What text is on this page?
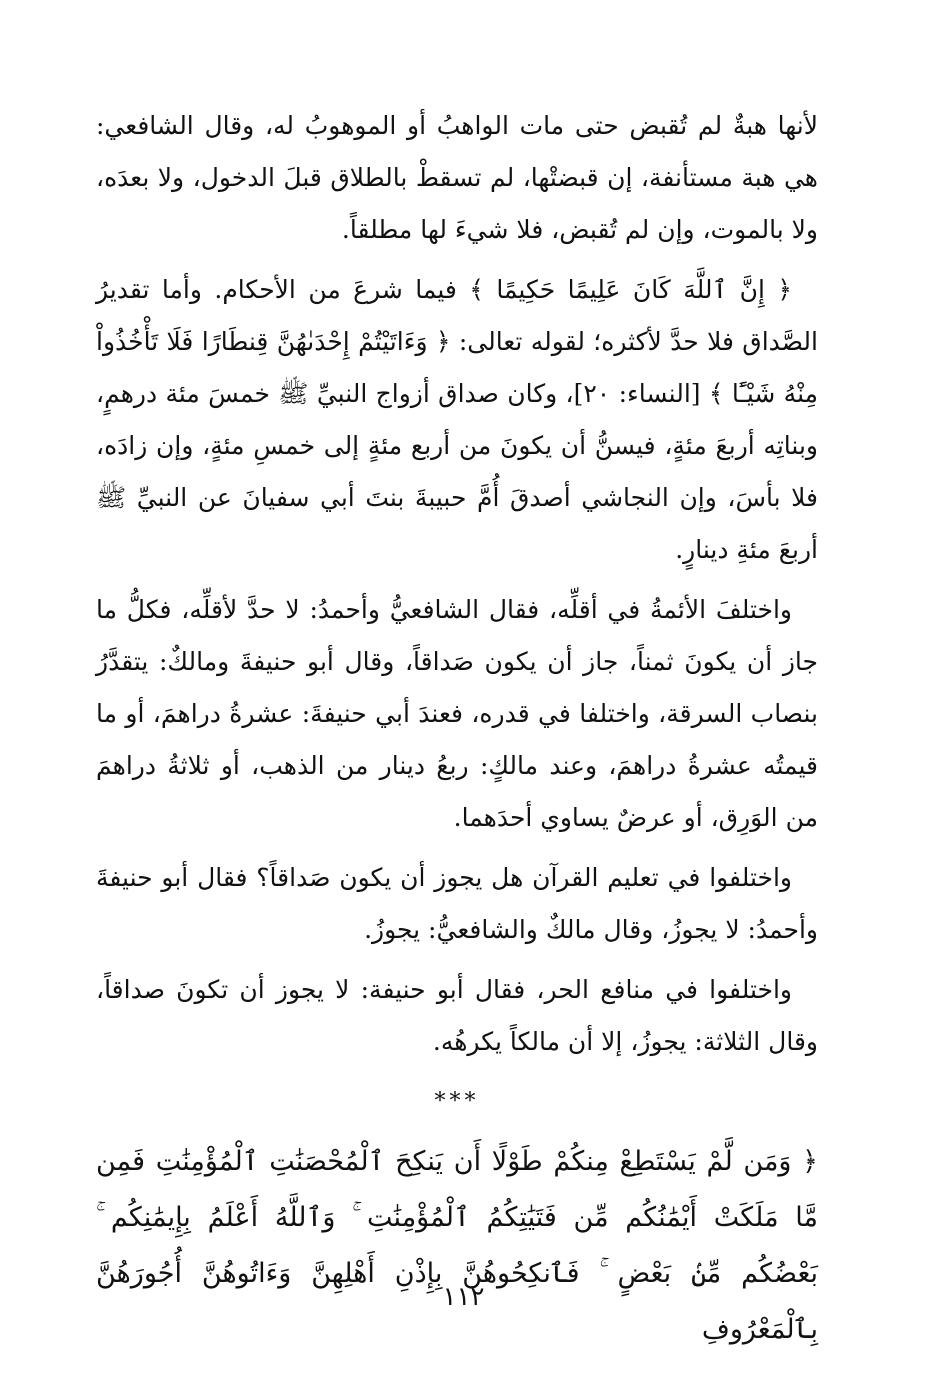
لأنها هبةٌ لم تُقبض حتى مات الواهبُ أو الموهوبُ له، وقال الشافعي: هي هبة مستأنفة، إن قبضتْها، لم تسقطْ بالطلاق قبلَ الدخول، ولا بعدَه، ولا بالموت، وإن لم تُقبض، فلا شيءَ لها مطلقاً.

﴿ إِنَّ ٱللَّهَ كَانَ عَلِيمًا حَكِيمًا ﴾ فيما شرعَ من الأحكام. وأما تقديرُ الصَّداق فلا حدَّ لأكثره؛ لقوله تعالى: ﴿ وَءَاتَيْتُمْ إِحْدَىٰهُنَّ قِنطَارًا فَلَا تَأْخُذُواْ مِنْهُ شَيْـًٔا ﴾ [النساء: ٢٠]، وكان صداق أزواج النبيِّ ﷺ خمسَ مئة درهمٍ، وبناتِه أربعَ مئةٍ، فيسنُّ أن يكونَ من أربع مئةٍ إلى خمسِ مئةٍ، وإن زادَه، فلا بأسَ، وإن النجاشي أصدقَ أُمَّ حبيبةَ بنتَ أبي سفيانَ عن النبيِّ ﷺ أربعَ مئةِ دينارٍ.

واختلفَ الأئمةُ في أقلِّه، فقال الشافعيُّ وأحمدُ: لا حدَّ لأقلِّه، فكلُّ ما جاز أن يكونَ ثمناً، جاز أن يكون صَداقاً، وقال أبو حنيفةَ ومالكٌ: يتقدَّرُ بنصاب السرقة، واختلفا في قدره، فعندَ أبي حنيفةَ: عشرةُ دراهمَ، أو ما قيمتُه عشرةُ دراهمَ، وعند مالكٍ: ربعُ دينار من الذهب، أو ثلاثةُ دراهمَ من الوَرِق، أو عرضٌ يساوي أحدَهما.

واختلفوا في تعليم القرآن هل يجوز أن يكون صَداقاً؟ فقال أبو حنيفةَ وأحمدُ: لا يجوزُ، وقال مالكٌ والشافعيُّ: يجوزُ.

واختلفوا في منافع الحر، فقال أبو حنيفة: لا يجوز أن تكونَ صداقاً، وقال الثلاثة: يجوزُ، إلا أن مالكاً يكرهُه.

***

﴿ وَمَن لَّمْ يَسْتَطِعْ مِنكُمْ طَوْلًا أَن يَنكِحَ ٱلْمُحْصَنَٰتِ ٱلْمُؤْمِنَٰتِ فَمِن مَّا مَلَكَتْ أَيْمَٰنُكُم مِّن فَتَيَٰتِكُمُ ٱلْمُؤْمِنَٰتِ ۚ وَٱللَّهُ أَعْلَمُ بِإِيمَٰنِكُم ۚ بَعْضُكُم مِّنۢ بَعْضٍ ۚ فَٱنكِحُوهُنَّ بِإِذْنِ أَهْلِهِنَّ وَءَاتُوهُنَّ أُجُورَهُنَّ بِٱلْمَعْرُوفِ

١١٢
